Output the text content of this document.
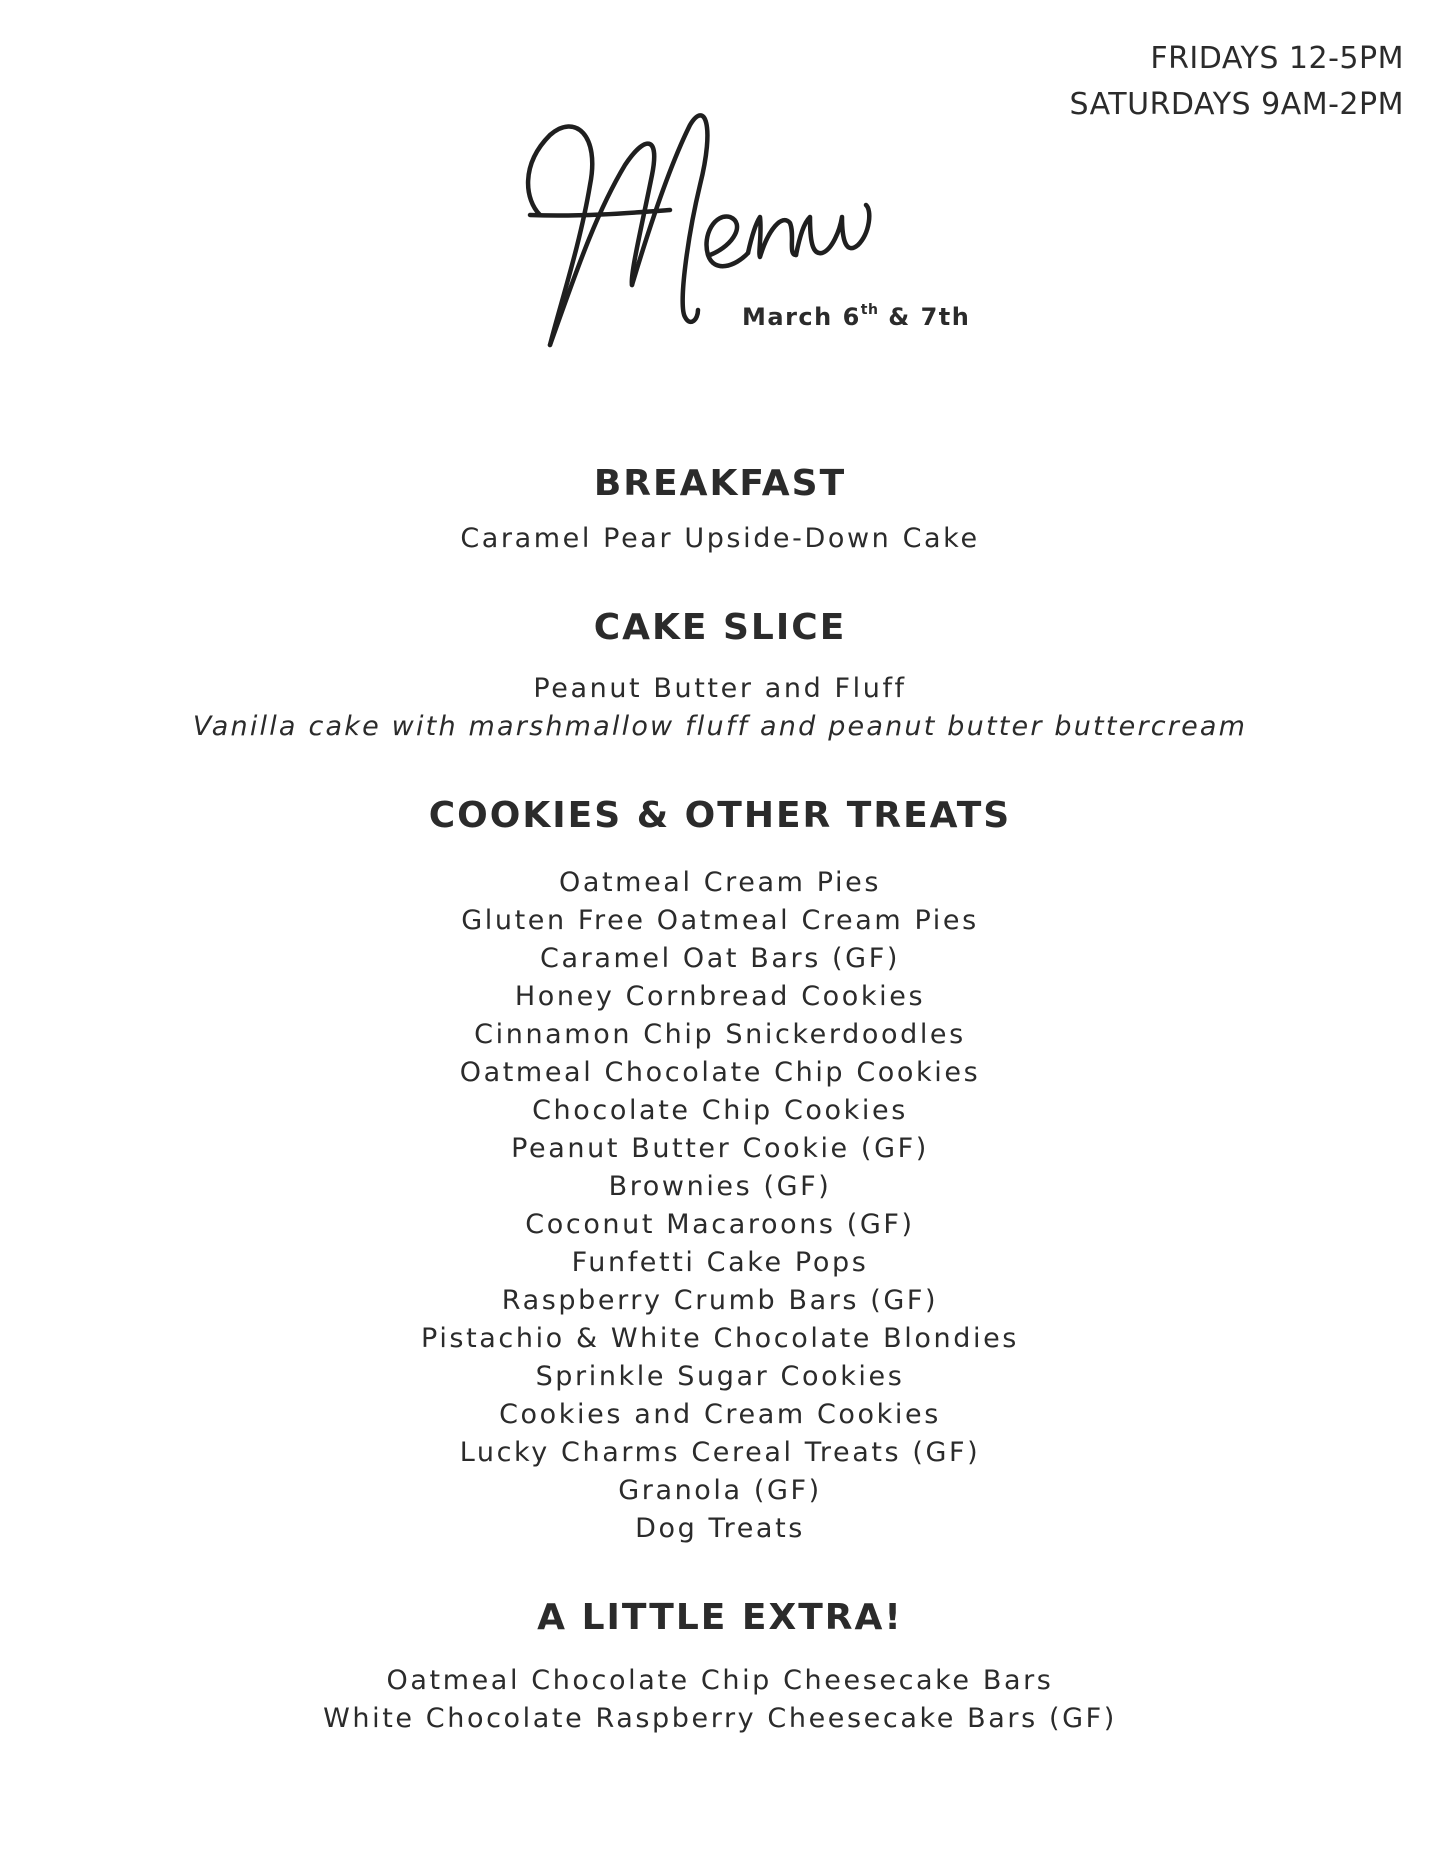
FRIDAYS 12-5PM
SATURDAYS 9AM-2PM
March 6th & 7th
BREAKFAST
Caramel Pear Upside-Down Cake
CAKE SLICE
Peanut Butter and Fluff
Vanilla cake with marshmallow fluff and peanut butter buttercream
COOKIES & OTHER TREATS
Oatmeal Cream Pies
Gluten Free Oatmeal Cream Pies
Caramel Oat Bars (GF)
Honey Cornbread Cookies
Cinnamon Chip Snickerdoodles
Oatmeal Chocolate Chip Cookies
Chocolate Chip Cookies
Peanut Butter Cookie (GF)
Brownies (GF)
Coconut Macaroons (GF)
Funfetti Cake Pops
Raspberry Crumb Bars (GF)
Pistachio & White Chocolate Blondies
Sprinkle Sugar Cookies
Cookies and Cream Cookies
Lucky Charms Cereal Treats (GF)
Granola (GF)
Dog Treats
A LITTLE EXTRA!
Oatmeal Chocolate Chip Cheesecake Bars
White Chocolate Raspberry Cheesecake Bars (GF)
